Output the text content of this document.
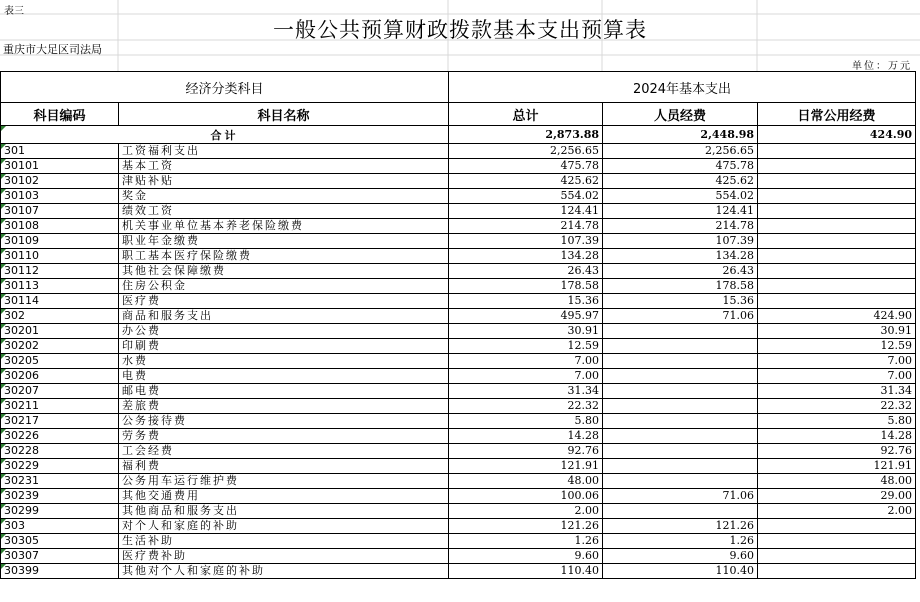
表三
一般公共预算财政拨款基本支出预算表
重庆市大足区司法局
单位：万元
经济分类科目		2024年基本支出		
科目编码	科目名称	总计	人员经费	日常公用经费
合计		2,873.88	2,448.98	424.90
301	工资福利支出	2,256.65	2,256.65	
30101	基本工资	475.78	475.78	
30102	津贴补贴	425.62	425.62	
30103	奖金	554.02	554.02	
30107	绩效工资	124.41	124.41	
30108	机关事业单位基本养老保险缴费	214.78	214.78	
30109	职业年金缴费	107.39	107.39	
30110	职工基本医疗保险缴费	134.28	134.28	
30112	其他社会保障缴费	26.43	26.43	
30113	住房公积金	178.58	178.58	
30114	医疗费	15.36	15.36	
302	商品和服务支出	495.97	71.06	424.90
30201	办公费	30.91		30.91
30202	印刷费	12.59		12.59
30205	水费	7.00		7.00
30206	电费	7.00		7.00
30207	邮电费	31.34		31.34
30211	差旅费	22.32		22.32
30217	公务接待费	5.80		5.80
30226	劳务费	14.28		14.28
30228	工会经费	92.76		92.76
30229	福利费	121.91		121.91
30231	公务用车运行维护费	48.00		48.00
30239	其他交通费用	100.06	71.06	29.00
30299	其他商品和服务支出	2.00		2.00
303	对个人和家庭的补助	121.26	121.26	
30305	生活补助	1.26	1.26	
30307	医疗费补助	9.60	9.60	
30399	其他对个人和家庭的补助	110.40	110.40	
